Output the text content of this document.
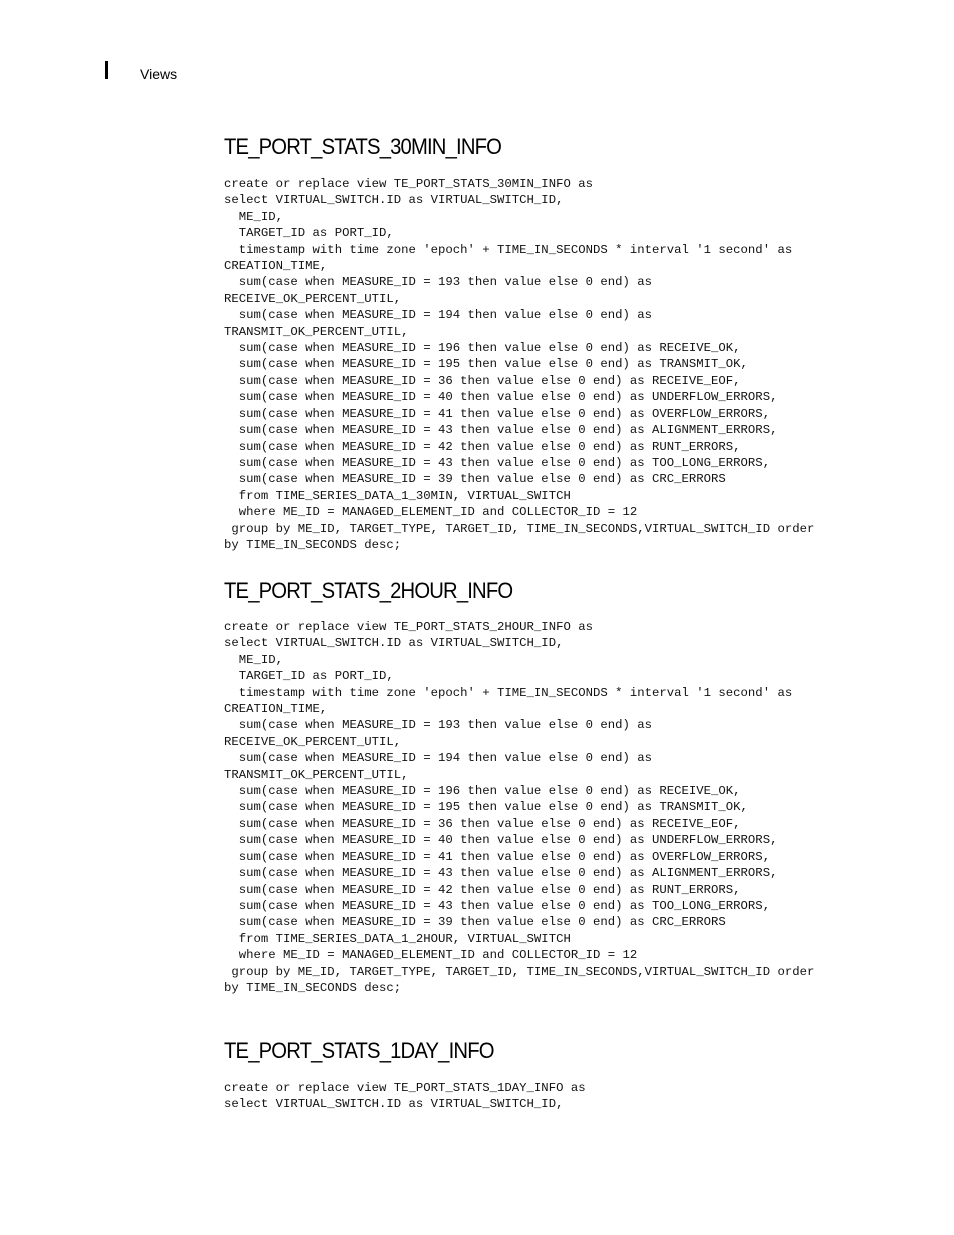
Views

TE_PORT_STATS_30MIN_INFO
create or replace view TE_PORT_STATS_30MIN_INFO as
select VIRTUAL_SWITCH.ID as VIRTUAL_SWITCH_ID,
ME_ID,
TARGET_ID as PORT_ID,
timestamp with time zone 'epoch' + TIME_IN_SECONDS * interval '1 second' as
CREATION_TIME,
sum(case when MEASURE_ID = 193 then value else 0 end) as
RECEIVE_OK_PERCENT_UTIL,
sum(case when MEASURE_ID = 194 then value else 0 end) as
TRANSMIT_OK_PERCENT_UTIL,
sum(case when MEASURE_ID = 196 then value else 0 end) as RECEIVE_OK,
sum(case when MEASURE_ID = 195 then value else 0 end) as TRANSMIT_OK,
sum(case when MEASURE_ID = 36 then value else 0 end) as RECEIVE_EOF,
sum(case when MEASURE_ID = 40 then value else 0 end) as UNDERFLOW_ERRORS,
sum(case when MEASURE_ID = 41 then value else 0 end) as OVERFLOW_ERRORS,
sum(case when MEASURE_ID = 43 then value else 0 end) as ALIGNMENT_ERRORS,
sum(case when MEASURE_ID = 42 then value else 0 end) as RUNT_ERRORS,
sum(case when MEASURE_ID = 43 then value else 0 end) as TOO_LONG_ERRORS,
sum(case when MEASURE_ID = 39 then value else 0 end) as CRC_ERRORS
from TIME_SERIES_DATA_1_30MIN, VIRTUAL_SWITCH
where ME_ID = MANAGED_ELEMENT_ID and COLLECTOR_ID = 12
group by ME_ID, TARGET_TYPE, TARGET_ID, TIME_IN_SECONDS,VIRTUAL_SWITCH_ID order
by TIME_IN_SECONDS desc;
TE_PORT_STATS_2HOUR_INFO
create or replace view TE_PORT_STATS_2HOUR_INFO as
select VIRTUAL_SWITCH.ID as VIRTUAL_SWITCH_ID,
ME_ID,
TARGET_ID as PORT_ID,
timestamp with time zone 'epoch' + TIME_IN_SECONDS * interval '1 second' as
CREATION_TIME,
sum(case when MEASURE_ID = 193 then value else 0 end) as
RECEIVE_OK_PERCENT_UTIL,
sum(case when MEASURE_ID = 194 then value else 0 end) as
TRANSMIT_OK_PERCENT_UTIL,
sum(case when MEASURE_ID = 196 then value else 0 end) as RECEIVE_OK,
sum(case when MEASURE_ID = 195 then value else 0 end) as TRANSMIT_OK,
sum(case when MEASURE_ID = 36 then value else 0 end) as RECEIVE_EOF,
sum(case when MEASURE_ID = 40 then value else 0 end) as UNDERFLOW_ERRORS,
sum(case when MEASURE_ID = 41 then value else 0 end) as OVERFLOW_ERRORS,
sum(case when MEASURE_ID = 43 then value else 0 end) as ALIGNMENT_ERRORS,
sum(case when MEASURE_ID = 42 then value else 0 end) as RUNT_ERRORS,
sum(case when MEASURE_ID = 43 then value else 0 end) as TOO_LONG_ERRORS,
sum(case when MEASURE_ID = 39 then value else 0 end) as CRC_ERRORS
from TIME_SERIES_DATA_1_2HOUR, VIRTUAL_SWITCH
where ME_ID = MANAGED_ELEMENT_ID and COLLECTOR_ID = 12
group by ME_ID, TARGET_TYPE, TARGET_ID, TIME_IN_SECONDS,VIRTUAL_SWITCH_ID order
by TIME_IN_SECONDS desc;
TE_PORT_STATS_1DAY_INFO
create or replace view TE_PORT_STATS_1DAY_INFO as
select VIRTUAL_SWITCH.ID as VIRTUAL_SWITCH_ID,
